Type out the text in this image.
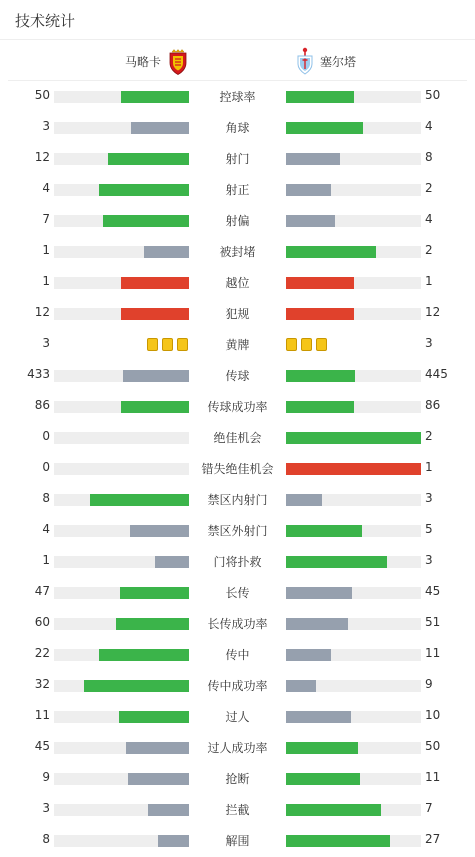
技术统计
马略卡	塞尔塔
50	控球率	50
3	角球	4
12	射门	8
4	射正	2
7	射偏	4
1	被封堵	2
1	越位	1
12	犯规	12
3	黄牌	3
433	传球	445
86	传球成功率	86
0	绝佳机会	2
0	错失绝佳机会	1
8	禁区内射门	3
4	禁区外射门	5
1	门将扑救	3
47	长传	45
60	长传成功率	51
22	传中	11
32	传中成功率	9
11	过人	10
45	过人成功率	50
9	抢断	11
3	拦截	7
8	解围	27
